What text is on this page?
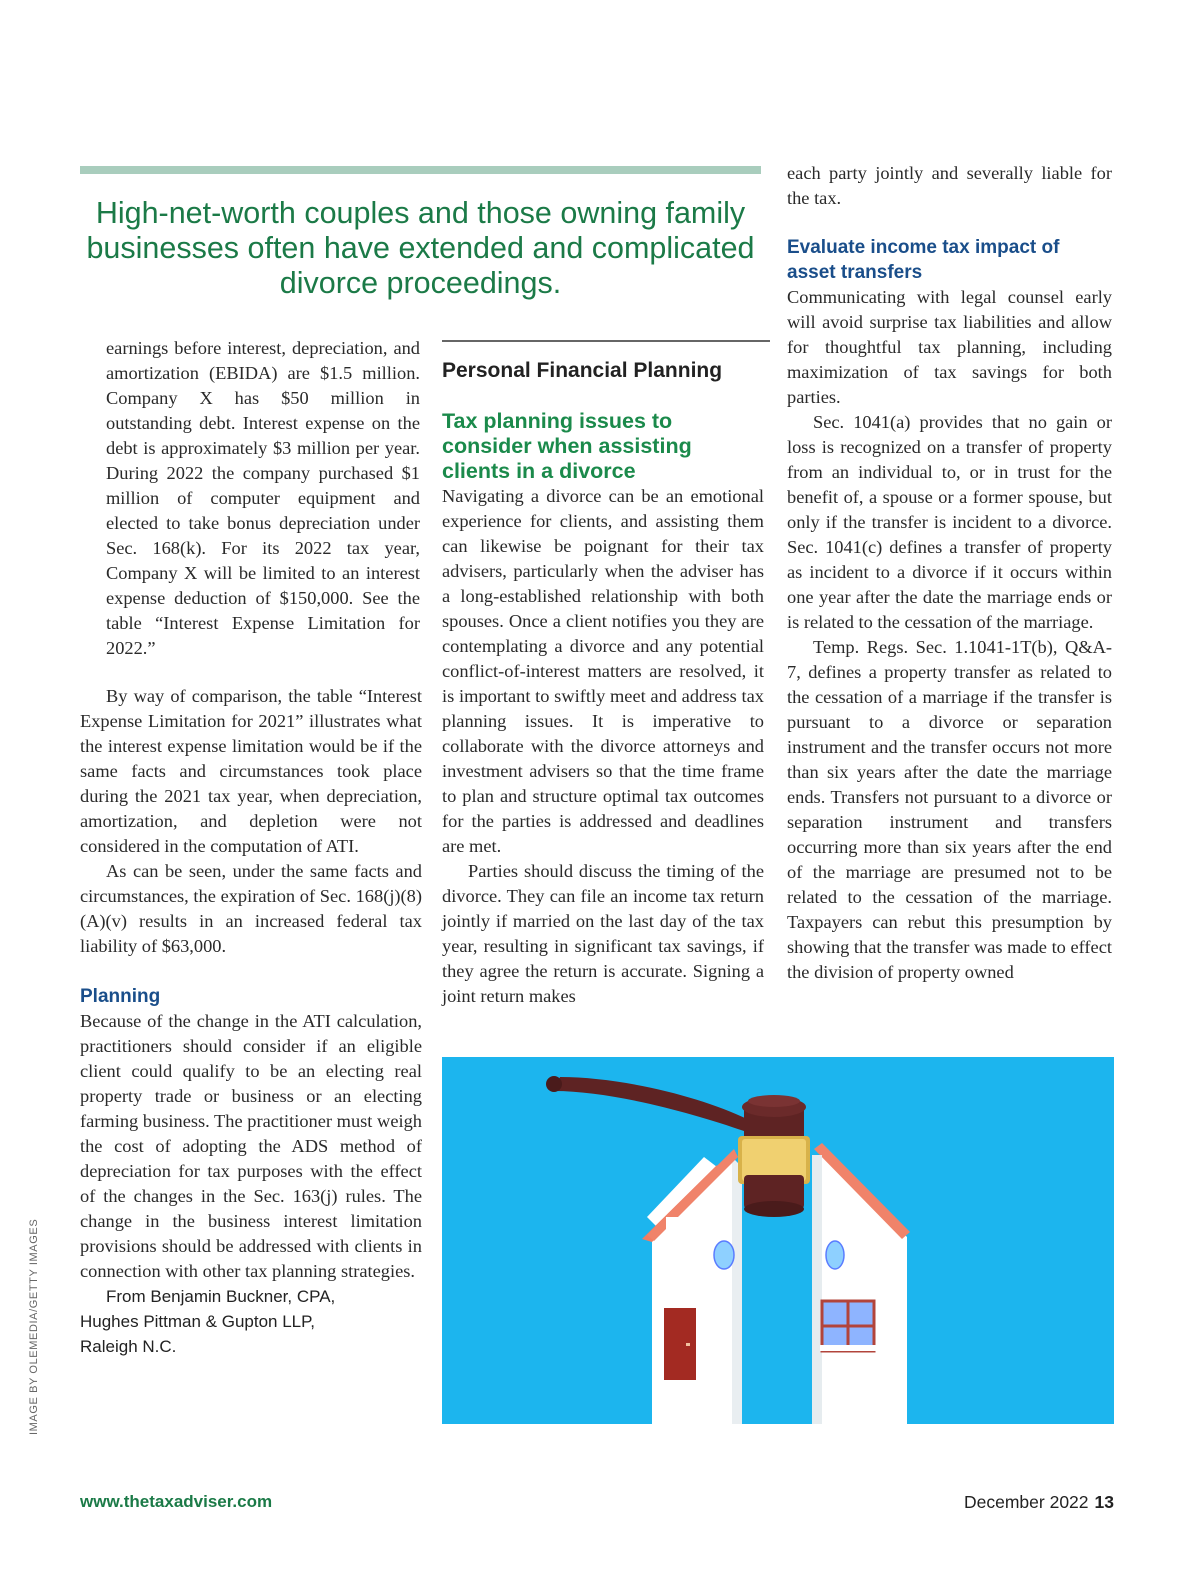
High-net-worth couples and those owning family businesses often have extended and complicated divorce proceedings.

earnings before interest, depreciation, and amortization (EBIDA) are $1.5 million. Company X has $50 million in outstanding debt. Interest expense on the debt is approximately $3 million per year. During 2022 the company purchased $1 million of computer equipment and elected to take bonus depreciation under Sec. 168(k). For its 2022 tax year, Company X will be limited to an interest expense deduction of $150,000. See the table “Interest Expense Limitation for 2022.”

By way of comparison, the table “Interest Expense Limitation for 2021” illustrates what the interest expense limitation would be if the same facts and circumstances took place during the 2021 tax year, when depreciation, amortization, and depletion were not considered in the computation of ATI.

As can be seen, under the same facts and circumstances, the expiration of Sec. 168(j)(8)(A)(v) results in an increased federal tax liability of $63,000.

Planning

Because of the change in the ATI calculation, practitioners should consider if an eligible client could qualify to be an electing real property trade or business or an electing farming business. The practitioner must weigh the cost of adopting the ADS method of depreciation for tax purposes with the effect of the changes in the Sec. 163(j) rules. The change in the business interest limitation provisions should be addressed with clients in connection with other tax planning strategies.

From Benjamin Buckner, CPA, Hughes Pittman & Gupton LLP, Raleigh N.C.

Personal Financial Planning

Tax planning issues to consider when assisting clients in a divorce

Navigating a divorce can be an emotional experience for clients, and assisting them can likewise be poignant for their tax advisers, particularly when the adviser has a long-established relationship with both spouses. Once a client notifies you they are contemplating a divorce and any potential conflict-of-interest matters are resolved, it is important to swiftly meet and address tax planning issues. It is imperative to collaborate with the divorce attorneys and investment advisers so that the time frame to plan and structure optimal tax outcomes for the parties is addressed and deadlines are met.

Parties should discuss the timing of the divorce. They can file an income tax return jointly if married on the last day of the tax year, resulting in significant tax savings, if they agree the return is accurate. Signing a joint return makes

each party jointly and severally liable for the tax.

Evaluate income tax impact of asset transfers

Communicating with legal counsel early will avoid surprise tax liabilities and allow for thoughtful tax planning, including maximization of tax savings for both parties.

Sec. 1041(a) provides that no gain or loss is recognized on a transfer of property from an individual to, or in trust for the benefit of, a spouse or a former spouse, but only if the transfer is incident to a divorce. Sec. 1041(c) defines a transfer of property as incident to a divorce if it occurs within one year after the date the marriage ends or is related to the cessation of the marriage.

Temp. Regs. Sec. 1.1041-1T(b), Q&A-7, defines a property transfer as related to the cessation of a marriage if the transfer is pursuant to a divorce or separation instrument and the transfer occurs not more than six years after the date the marriage ends. Transfers not pursuant to a divorce or separation instrument and transfers occurring more than six years after the end of the marriage are presumed not to be related to the cessation of the marriage. Taxpayers can rebut this presumption by showing that the transfer was made to effect the division of property owned

IMAGE BY OLEMEDIA/GETTY IMAGES
www.thetaxadviser.com	December 2022 13
